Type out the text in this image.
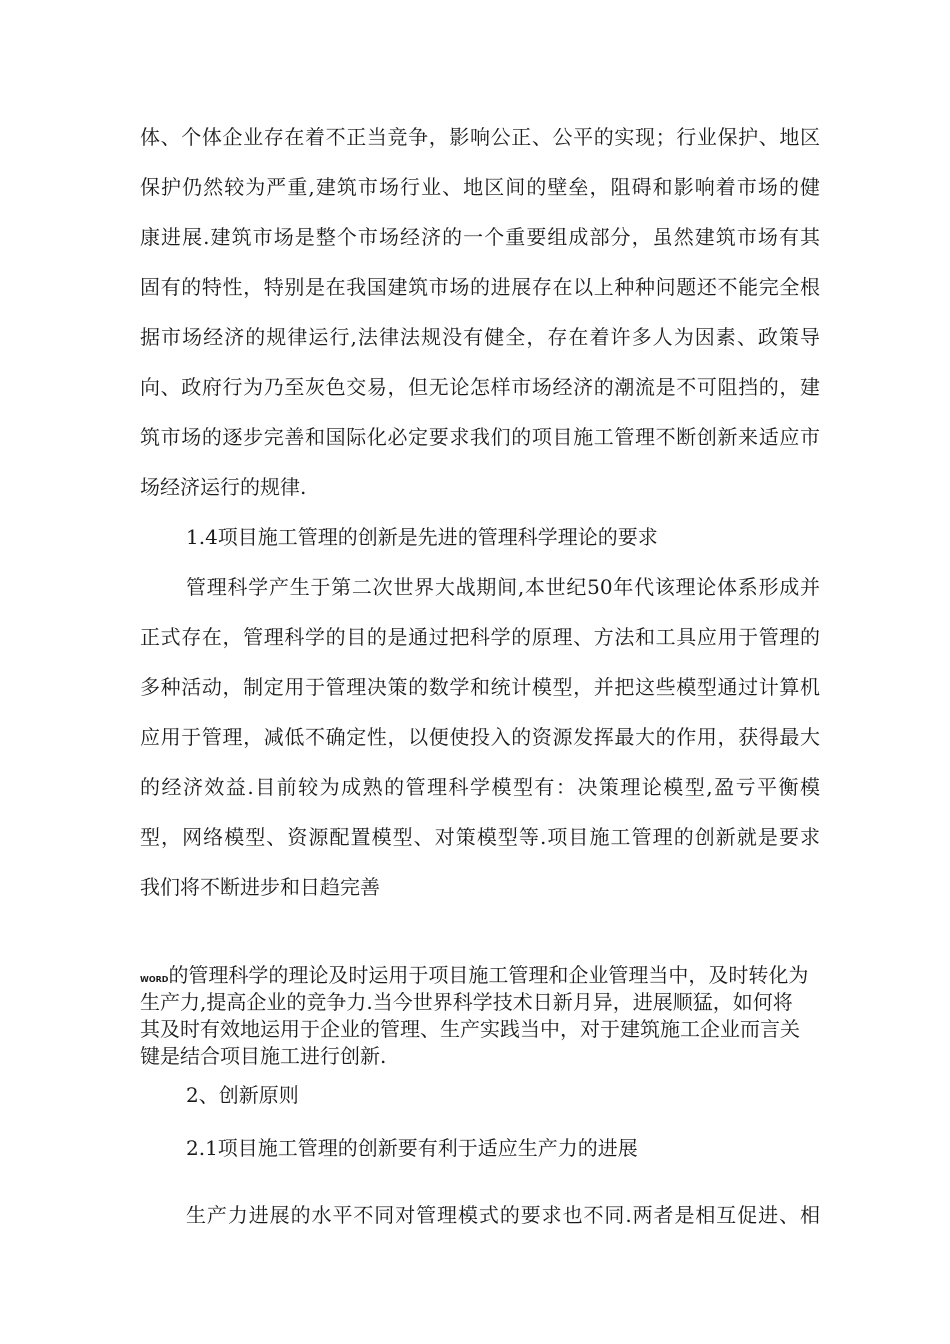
体、个体企业存在着不正当竞争，影响公正、公平的实现；行业保护、地区
保护仍然较为严重,建筑市场行业、地区间的壁垒，阻碍和影响着市场的健
康进展.建筑市场是整个市场经济的一个重要组成部分，虽然建筑市场有其
固有的特性，特别是在我国建筑市场的进展存在以上种种问题还不能完全根
据市场经济的规律运行,法律法规没有健全，存在着许多人为因素、政策导
向、政府行为乃至灰色交易，但无论怎样市场经济的潮流是不可阻挡的，建
筑市场的逐步完善和国际化必定要求我们的项目施工管理不断创新来适应市
场经济运行的规律.
1.4项目施工管理的创新是先进的管理科学理论的要求
管理科学产生于第二次世界大战期间,本世纪50年代该理论体系形成并
正式存在，管理科学的目的是通过把科学的原理、方法和工具应用于管理的
多种活动，制定用于管理决策的数学和统计模型，并把这些模型通过计算机
应用于管理，减低不确定性，以便使投入的资源发挥最大的作用，获得最大
的经济效益.目前较为成熟的管理科学模型有：决策理论模型,盈亏平衡模
型，网络模型、资源配置模型、对策模型等.项目施工管理的创新就是要求
我们将不断进步和日趋完善
WORD的管理科学的理论及时运用于项目施工管理和企业管理当中，及时转化为
生产力,提高企业的竞争力.当今世界科学技术日新月异，进展顺猛，如何将
其及时有效地运用于企业的管理、生产实践当中，对于建筑施工企业而言关
键是结合项目施工进行创新.
2、创新原则
2.1项目施工管理的创新要有利于适应生产力的进展
生产力进展的水平不同对管理模式的要求也不同.两者是相互促进、相
